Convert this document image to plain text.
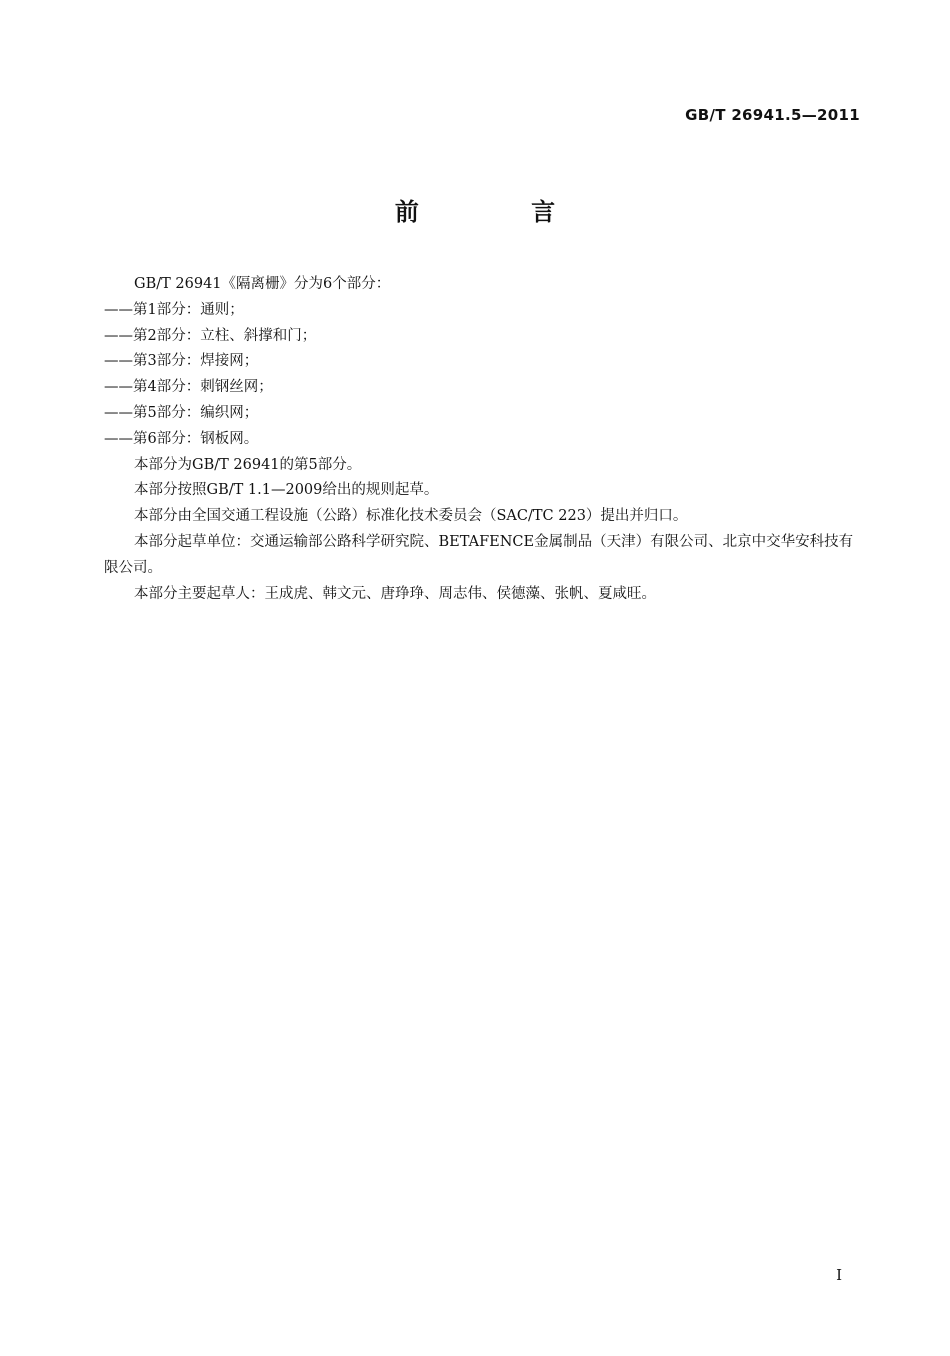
GB/T 26941.5—2011
前 言

GB/T 26941《隔离栅》分为6个部分：

——第1部分：通则；

——第2部分：立柱、斜撑和门；

——第3部分：焊接网；

——第4部分：刺钢丝网；

——第5部分：编织网；

——第6部分：钢板网。

本部分为GB/T 26941的第5部分。

本部分按照GB/T 1.1—2009给出的规则起草。

本部分由全国交通工程设施（公路）标准化技术委员会（SAC/TC 223）提出并归口。

本部分起草单位：交通运输部公路科学研究院、BETAFENCE金属制品（天津）有限公司、北京中交华安科技有限公司。

本部分主要起草人：王成虎、韩文元、唐琤琤、周志伟、侯德藻、张帆、夏咸旺。

I
